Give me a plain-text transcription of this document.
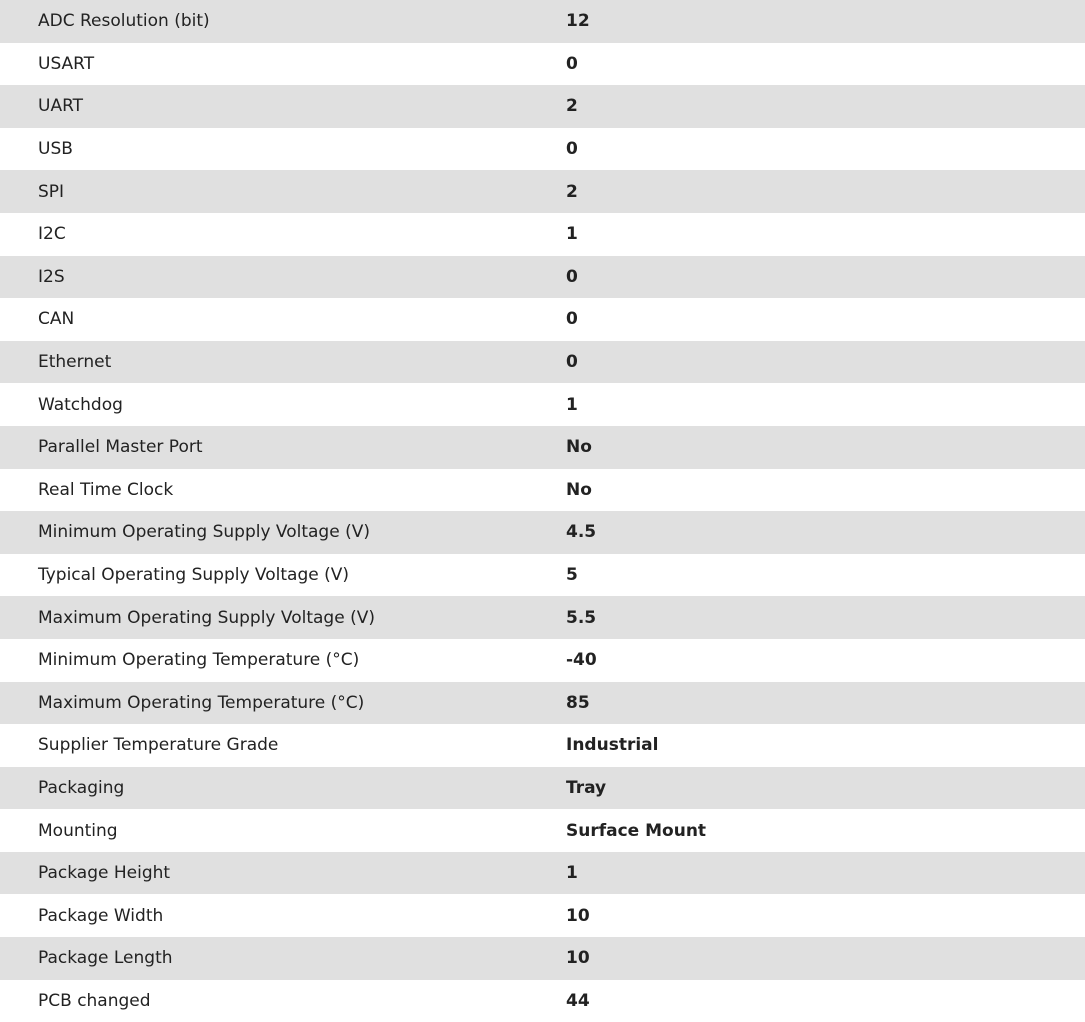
ADC Resolution (bit)	12
USART	0
UART	2
USB	0
SPI	2
I2C	1
I2S	0
CAN	0
Ethernet	0
Watchdog	1
Parallel Master Port	No
Real Time Clock	No
Minimum Operating Supply Voltage (V)	4.5
Typical Operating Supply Voltage (V)	5
Maximum Operating Supply Voltage (V)	5.5
Minimum Operating Temperature (°C)	-40
Maximum Operating Temperature (°C)	85
Supplier Temperature Grade	Industrial
Packaging	Tray
Mounting	Surface Mount
Package Height	1
Package Width	10
Package Length	10
PCB changed	44
